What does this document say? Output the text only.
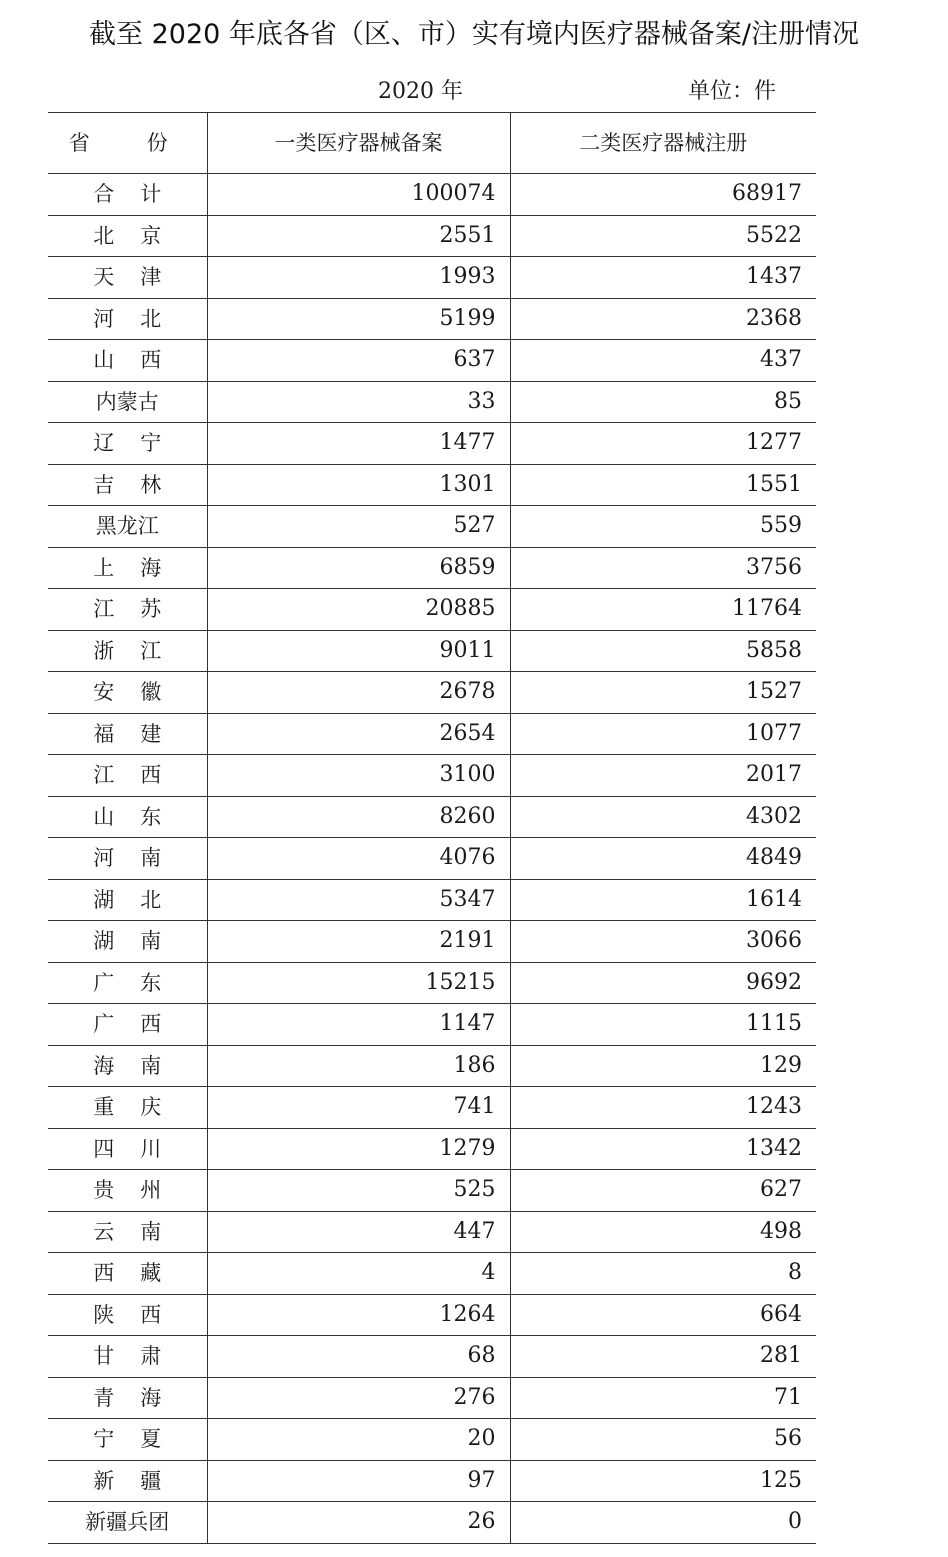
截至 2020 年底各省（区、市）实有境内医疗器械备案/注册情况
2020 年	单位：件
省　份	一类医疗器械备案	二类医疗器械注册
合计	100074	68917
北京	2551	5522
天津	1993	1437
河北	5199	2368
山西	637	437
内蒙古	33	85
辽宁	1477	1277
吉林	1301	1551
黑龙江	527	559
上海	6859	3756
江苏	20885	11764
浙江	9011	5858
安徽	2678	1527
福建	2654	1077
江西	3100	2017
山东	8260	4302
河南	4076	4849
湖北	5347	1614
湖南	2191	3066
广东	15215	9692
广西	1147	1115
海南	186	129
重庆	741	1243
四川	1279	1342
贵州	525	627
云南	447	498
西藏	4	8
陕西	1264	664
甘肃	68	281
青海	276	71
宁夏	20	56
新疆	97	125
新疆兵团	26	0
